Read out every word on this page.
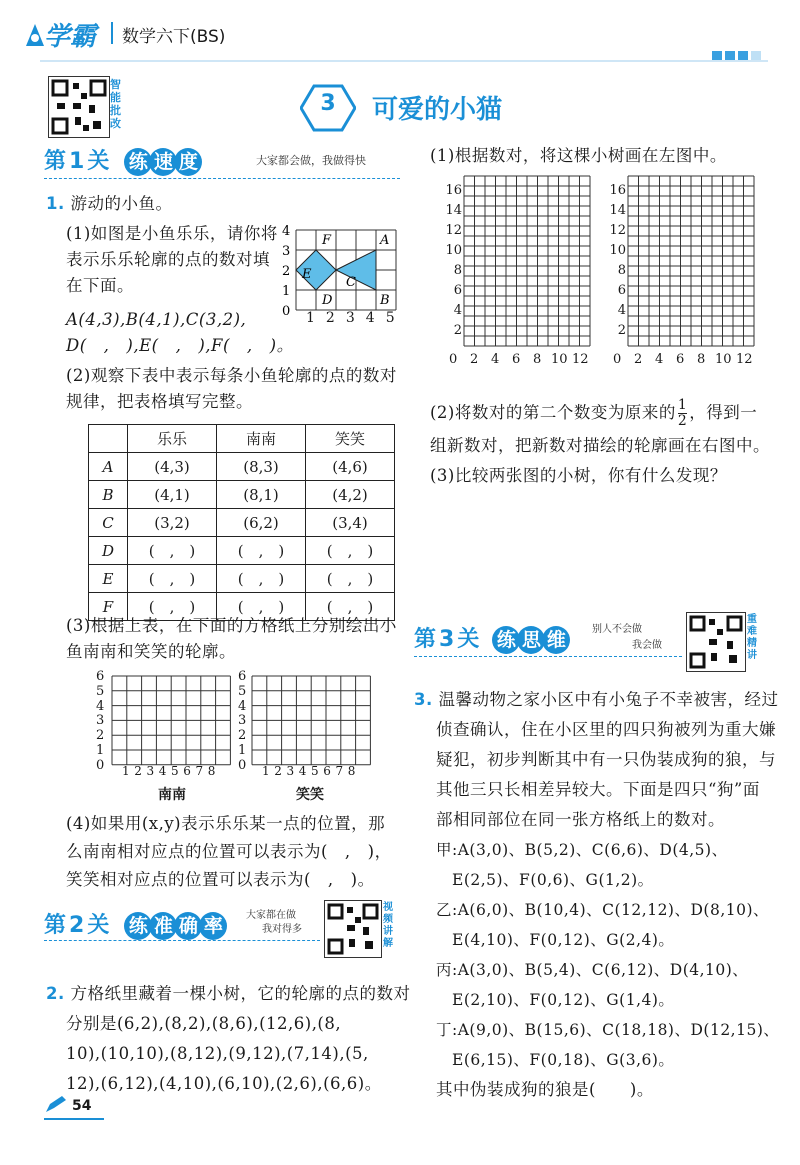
学霸 数学六下(BS)
智能批改
3	可爱的小猫
第 1 关 练 速 度	大家都会做，我做得快
1. 游动的小鱼。
(1)如图是小鱼乐乐，请你将
表示乐乐轮廓的点的数对填
在下面。
A(4,3),B(4,1),C(3,2),
D(　,　),E(　,　),F(　,　)。
F	A
E
C
D	B
4
3
2
1
0 12345
(2)观察下表中表示每条小鱼轮廓的点的数对
规律，把表格填写完整。
	乐乐	南南	笑笑
A	(4,3)	(8,3)	(4,6)
B	(4,1)	(8,1)	(4,2)
C	(3,2)	(6,2)	(3,4)
D	(　,　)	(　,　)	(　,　)
E	(　,　)	(　,　)	(　,　)
F	(　,　)	(　,　)	(　,　)
(3)根据上表，在下面的方格纸上分别绘出小
鱼南南和笑笑的轮廓。
6
5
4
3
2
1
0
6
5
4
3
2
1
0
12345678	12345678
南南	笑笑
(4)如果用(x,y)表示乐乐某一点的位置，那
么南南相对应点的位置可以表示为(　,　)，
笑笑相对应点的位置可以表示为(　,　)。
第 2 关 练 准 确 率 大家都在做
我对得多
视频讲解
2. 方格纸里藏着一棵小树，它的轮廓的点的数对
分别是(6,2),(8,2),(8,6),(12,6),(8,
10),(10,10),(8,12),(9,12),(7,14),(5,
12),(6,12),(4,10),(6,10),(2,6),(6,6)。
54
(1)根据数对，将这棵小树画在左图中。
16
14
12
10
8
6
4
2
16
14
12
10
8
6
4
2
0 2 4 6 8 10 12 0 2 4 6 8 10 12
(2)将数对的第二个数变为原来的 $\frac{1}{2}$ ，得到一
组新数对，把新数对描绘的轮廓画在右图中。
(3)比较两张图的小树，你有什么发现？
第 3 关 练 思 维	别人不会做
我会做
重难精讲
3. 温馨动物之家小区中有小兔子不幸被害，经过
侦查确认，住在小区里的四只狗被列为重大嫌
疑犯，初步判断其中有一只伪装成狗的狼，与
其他三只长相差异较大。下面是四只“狗”面
部相同部位在同一张方格纸上的数对。
甲:A(3,0)、B(5,2)、C(6,6)、D(4,5)、
　E(2,5)、F(0,6)、G(1,2)。
乙:A(6,0)、B(10,4)、C(12,12)、D(8,10)、
　E(4,10)、F(0,12)、G(2,4)。
丙:A(3,0)、B(5,4)、C(6,12)、D(4,10)、
　E(2,10)、F(0,12)、G(1,4)。
丁:A(9,0)、B(15,6)、C(18,18)、D(12,15)、
　E(6,15)、F(0,18)、G(3,6)。
其中伪装成狗的狼是(　　)。
